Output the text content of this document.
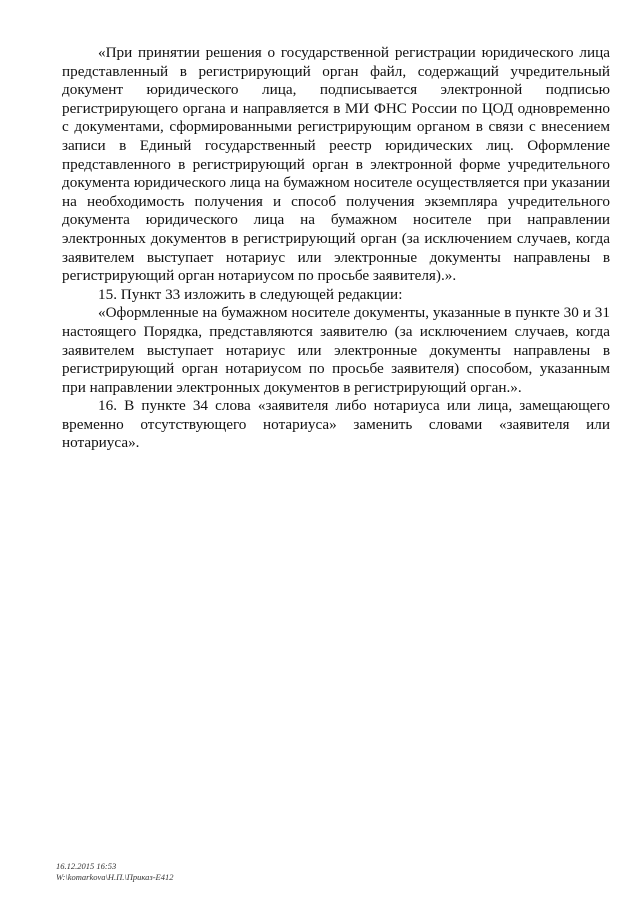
«При принятии решения о государственной регистрации юридического лица представленный в регистрирующий орган файл, содержащий учредительный документ юридического лица, подписывается электронной подписью регистрирующего органа и направляется в МИ ФНС России по ЦОД одновременно с документами, сформированными регистрирующим органом в связи с внесением записи в Единый государственный реестр юридических лиц. Оформление представленного в регистрирующий орган в электронной форме учредительного документа юридического лица на бумажном носителе осуществляется при указании на необходимость получения и способ получения экземпляра учредительного документа юридического лица на бумажном носителе при направлении электронных документов в регистрирующий орган (за исключением случаев, когда заявителем выступает нотариус или электронные документы направлены в регистрирующий орган нотариусом по просьбе заявителя).».

15. Пункт 33 изложить в следующей редакции:

«Оформленные на бумажном носителе документы, указанные в пункте 30 и 31 настоящего Порядка, представляются заявителю (за исключением случаев, когда заявителем выступает нотариус или электронные документы направлены в регистрирующий орган нотариусом по просьбе заявителя) способом, указанным при направлении электронных документов в регистрирующий орган.».

16. В пункте 34 слова «заявителя либо нотариуса или лица, замещающего временно отсутствующего нотариуса» заменить словами «заявителя или нотариуса».

16.12.2015 16:53
W:\komarkova\Н.П.\Приказ-Е412
